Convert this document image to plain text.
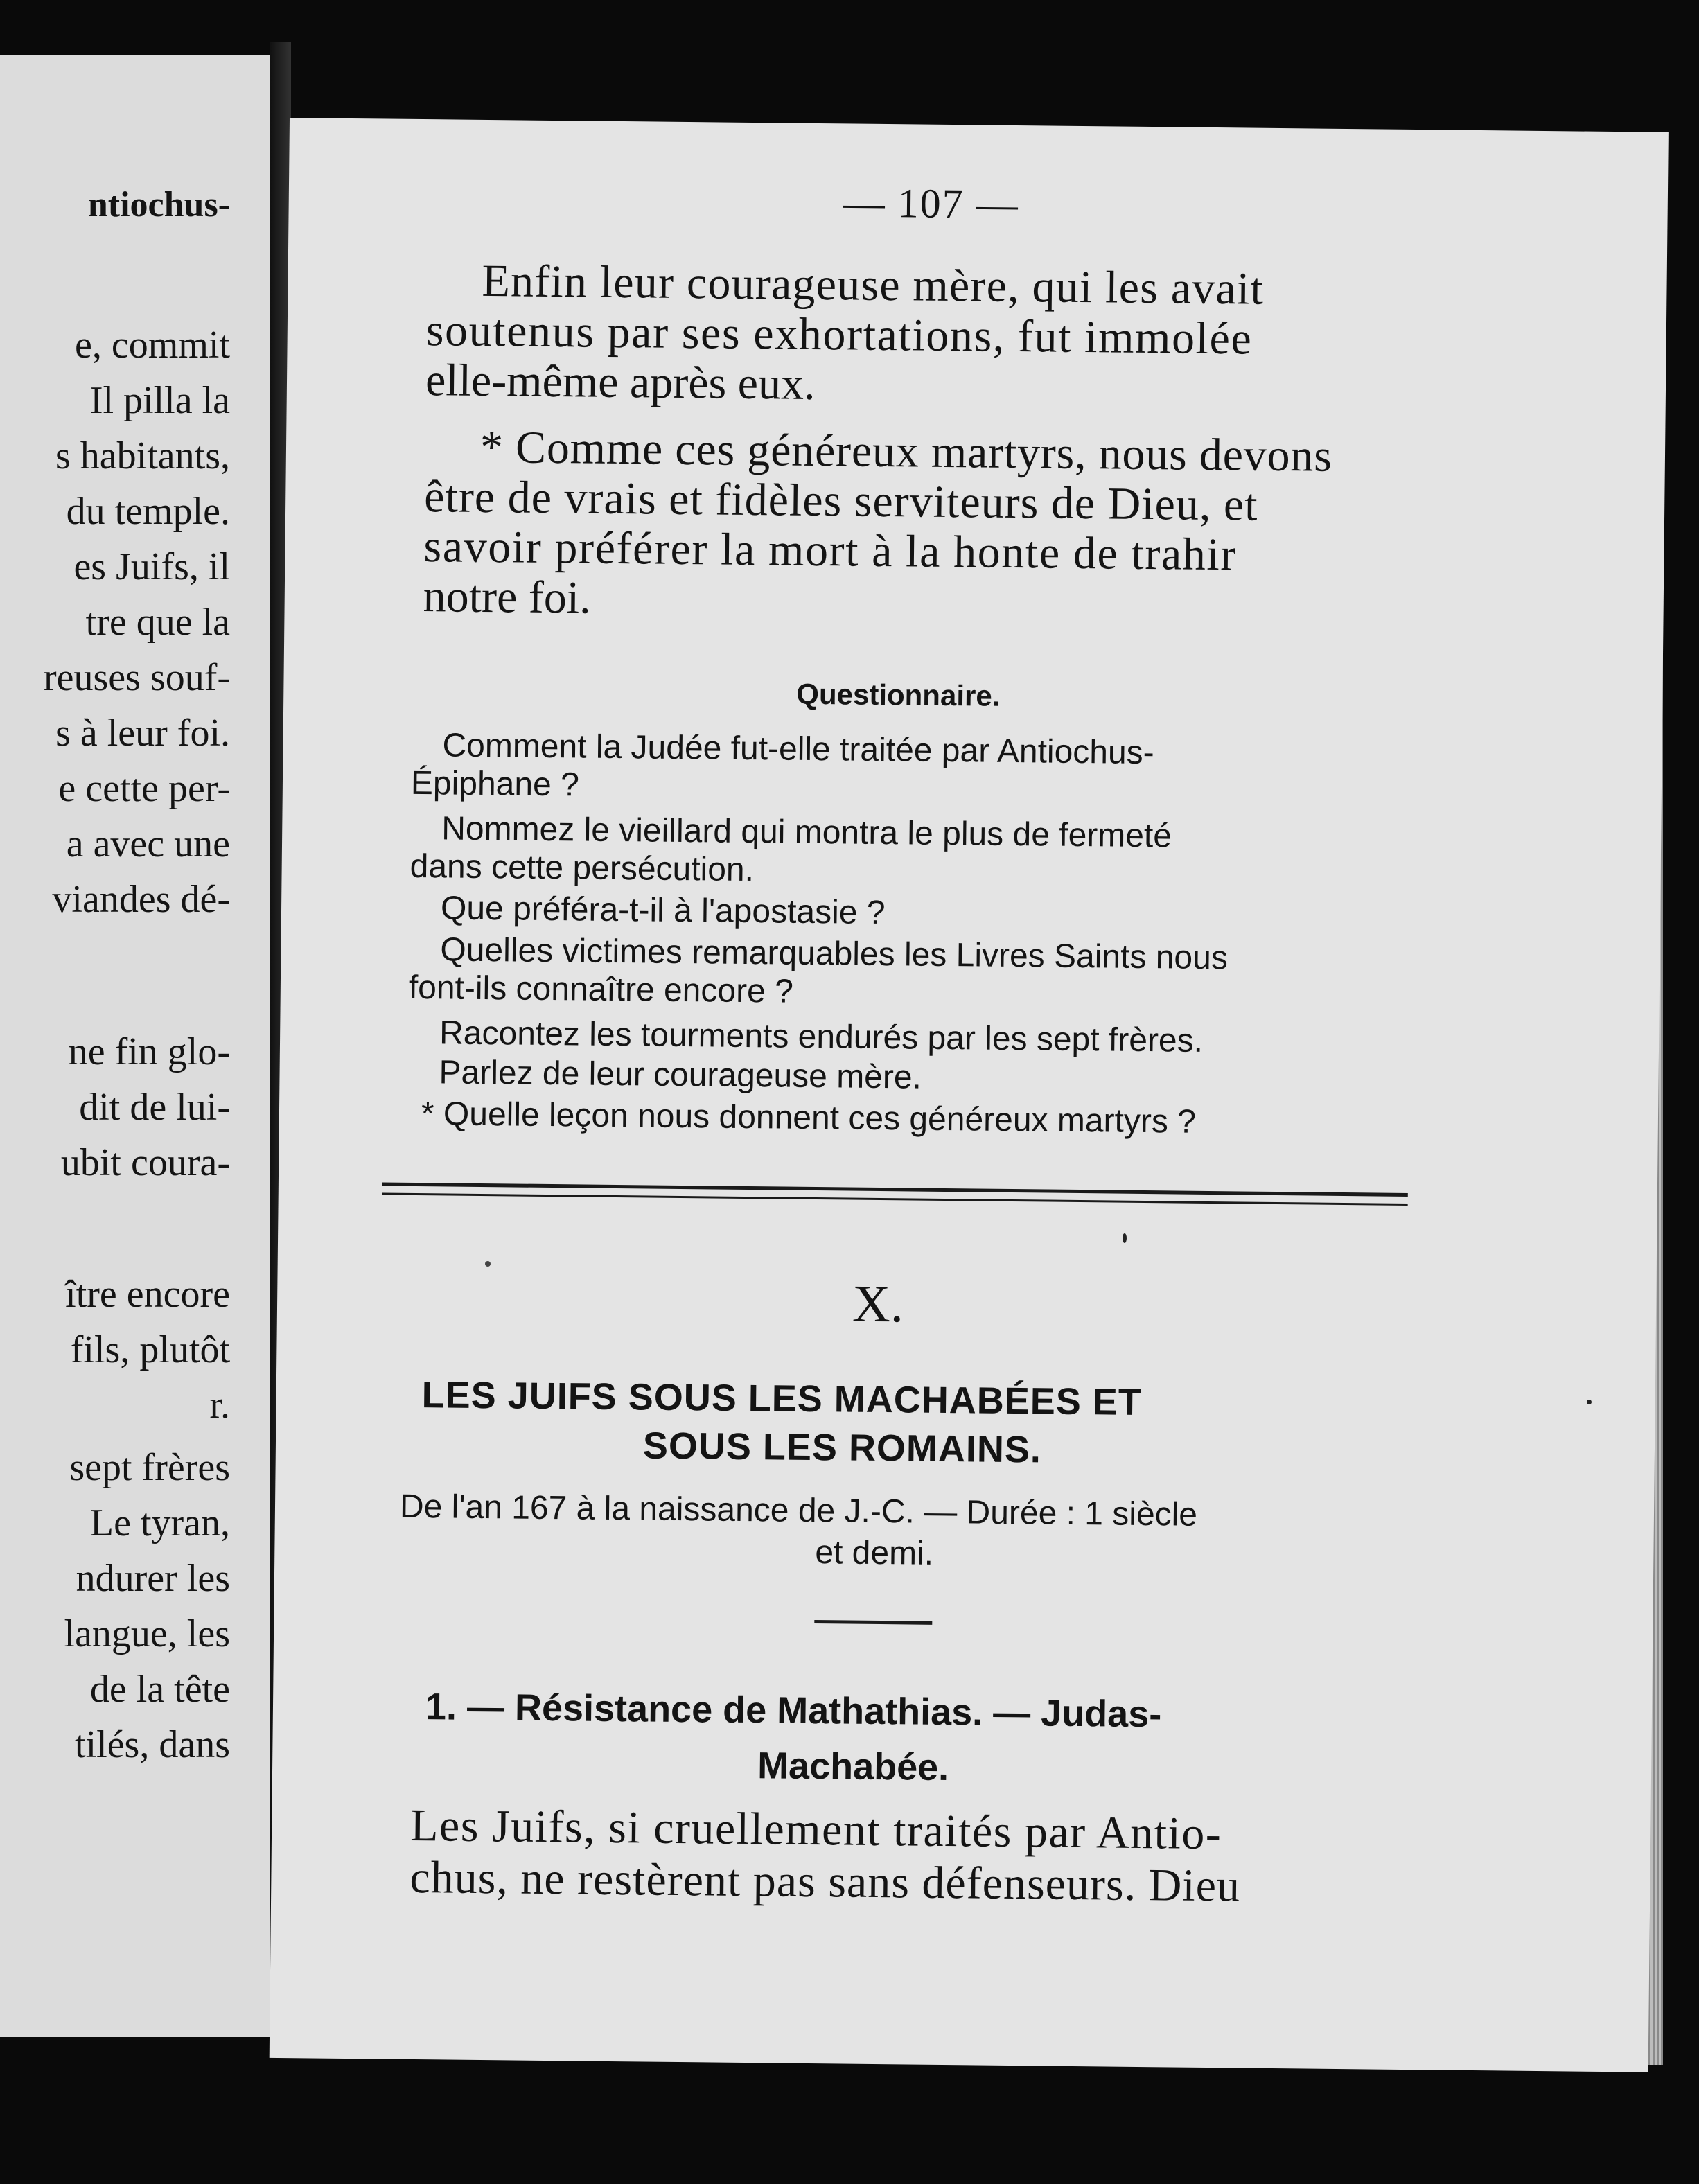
ntiochus-
e, commit
Il pilla la
s habitants,
du temple.
es Juifs, il
tre que la
reuses souf-
s à leur foi.
e cette per-
a avec une
viandes dé-
ne fin glo-
dit de lui-
ubit coura-
ître encore
fils, plutôt
r.
sept frères
Le tyran,
ndurer les
langue, les
de la tête
tilés, dans
— 107 —
Enfin leur courageuse mère, qui les avait
soutenus par ses exhortations, fut immolée
elle-même après eux.
* Comme ces généreux martyrs, nous devons
être de vrais et fidèles serviteurs de Dieu, et
savoir préférer la mort à la honte de trahir
notre foi.
Questionnaire.
Comment la Judée fut-elle traitée par Antiochus-
Épiphane ?
Nommez le vieillard qui montra le plus de fermeté
dans cette persécution.
Que préféra-t-il à l'apostasie ?
Quelles victimes remarquables les Livres Saints nous
font-ils connaître encore ?
Racontez les tourments endurés par les sept frères.
Parlez de leur courageuse mère.
* Quelle leçon nous donnent ces généreux martyrs ?
X.
LES JUIFS SOUS LES MACHABÉES ET
SOUS LES ROMAINS.
De l'an 167 à la naissance de J.-C. — Durée : 1 siècle
et demi.
1. — Résistance de Mathathias. — Judas-
Machabée.
Les Juifs, si cruellement traités par Antio-
chus, ne restèrent pas sans défenseurs. Dieu
